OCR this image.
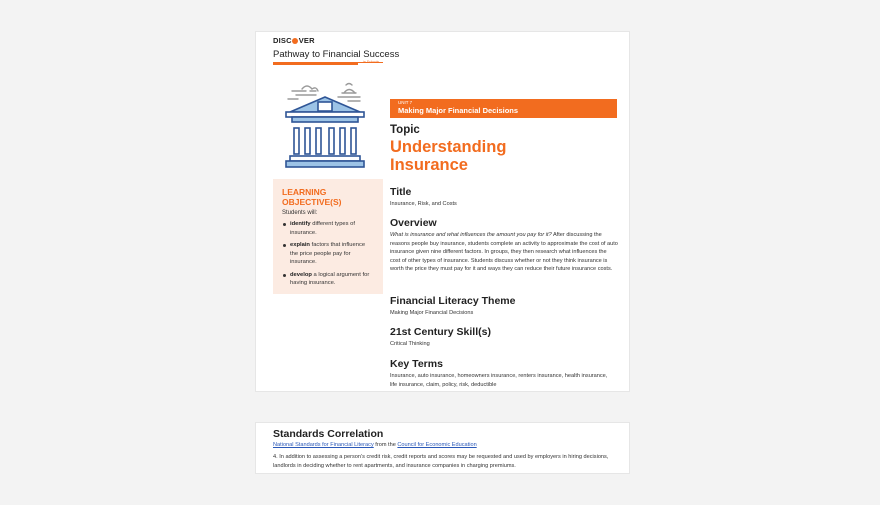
DISC VER
Pathway to Financial Success
in Schools
LEARNING OBJECTIVE(S)
Students will:
identify different types of insurance.
explain factors that influence the price people pay for insurance.
develop a logical argument for having insurance.
UNIT 7
Making Major Financial Decisions
Topic
Understanding
Insurance
Title
Insurance, Risk, and Costs
Overview
What is insurance and what influences the amount you pay for it? After discussing the reasons people buy insurance, students complete an activity to approximate the cost of auto insurance given nine different factors. In groups, they then research what influences the cost of other types of insurance. Students discuss whether or not they think insurance is worth the price they must pay for it and ways they can reduce their future insurance costs.
Financial Literacy Theme
Making Major Financial Decisions
21st Century Skill(s)
Critical Thinking
Key Terms
Insurance, auto insurance, homeowners insurance, renters insurance, health insurance, life insurance, claim, policy, risk, deductible
Standards Correlation
National Standards for Financial Literacy from the Council for Economic Education
4. In addition to assessing a person’s credit risk, credit reports and scores may be requested and used by employers in hiring decisions, landlords in deciding whether to rent apartments, and insurance companies in charging premiums.
